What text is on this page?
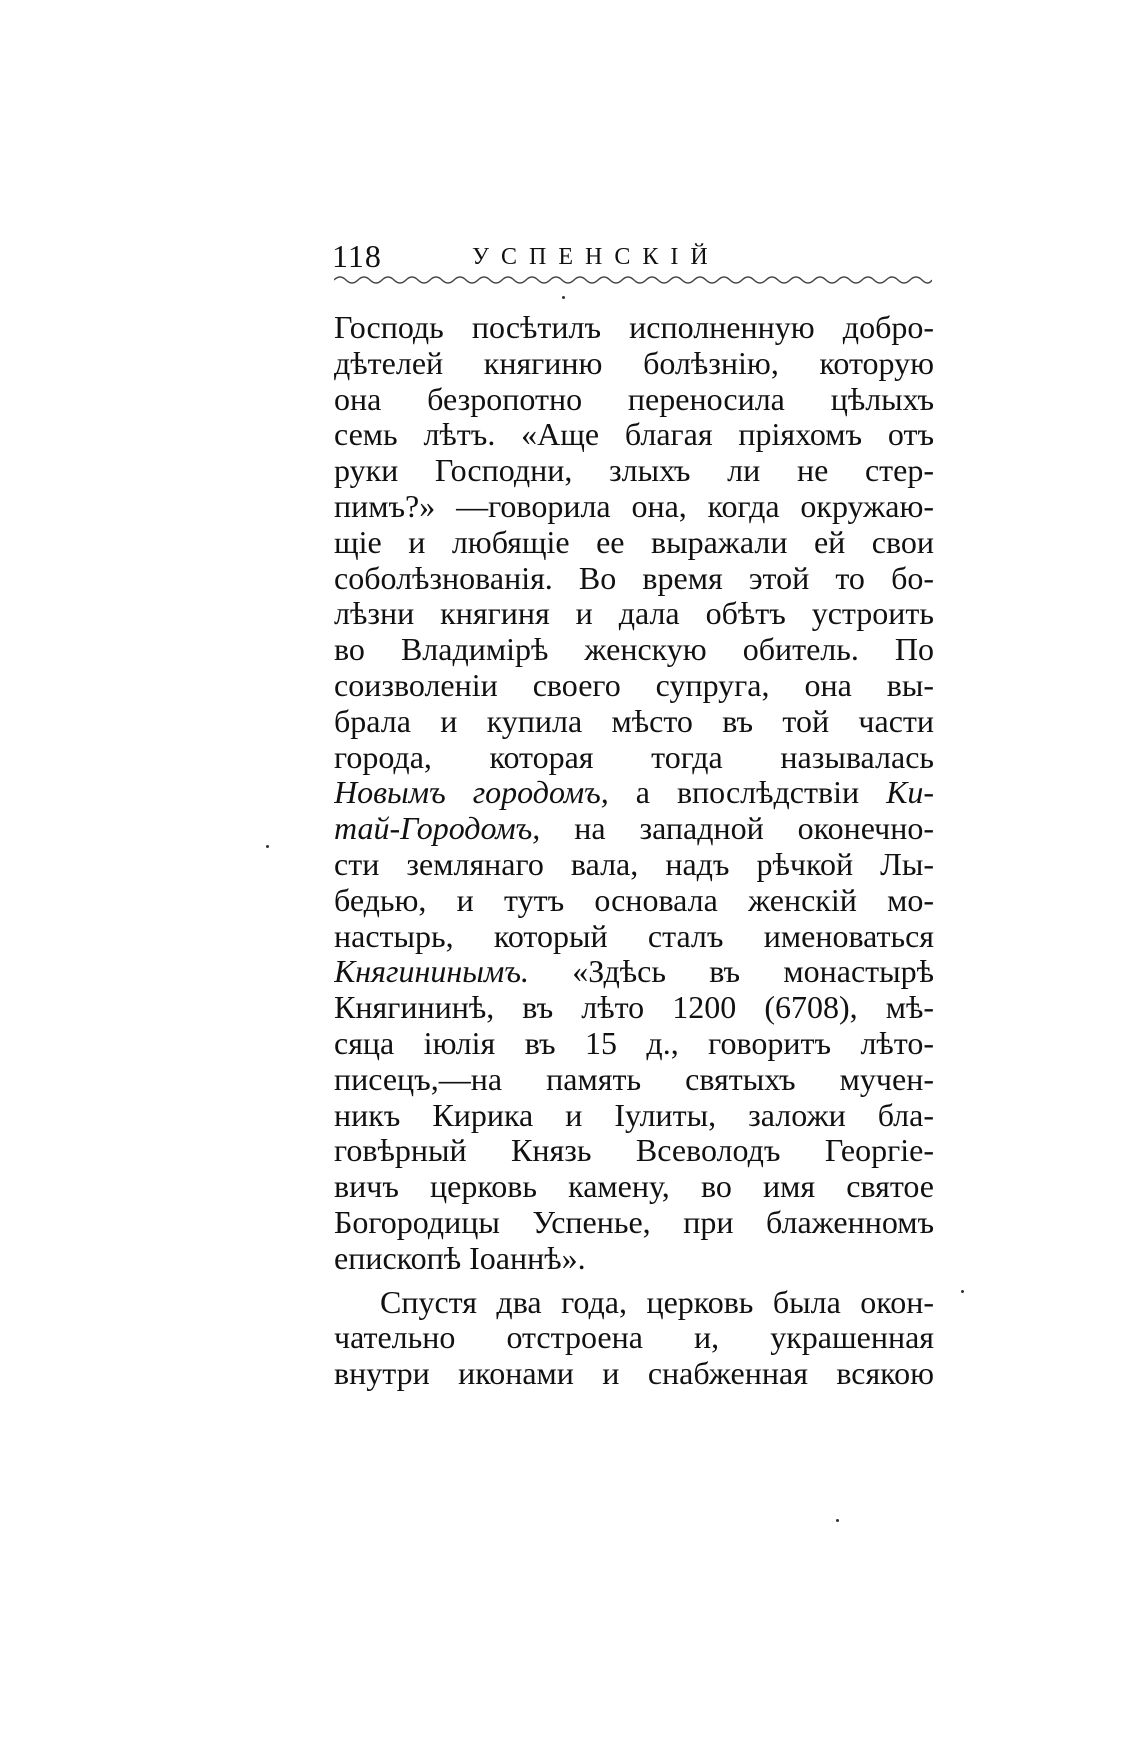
118	УСПЕНСКІЙ
Господь посѣтилъ исполненную добро-
дѣтелей княгиню болѣзнію, которую
она безропотно переносила цѣлыхъ
семь лѣтъ. «Аще благая пріяхомъ отъ
руки Господни, злыхъ ли не стер-
пимъ?» —говорила она, когда окружаю-
щіе и любящіе ее выражали ей свои
соболѣзнованія. Во время этой то бо-
лѣзни княгиня и дала обѣтъ устроить
во Владимірѣ женскую обитель. По
соизволеніи своего супруга, она вы-
брала и купила мѣсто въ той части
города, которая тогда называлась
Новымъ городомъ, а впослѣдствіи Ки-
тай-Городомъ, на западной оконечно-
сти землянаго вала, надъ рѣчкой Лы-
бедью, и тутъ основала женскій мо-
настырь, который сталъ именоваться
Княгининымъ. «Здѣсь въ монастырѣ
Княгининѣ, въ лѣто 1200 (6708), мѣ-
сяца іюлія въ 15 д., говоритъ лѣто-
писецъ,—на память святыхъ мучен-
никъ Кирика и Іулиты, заложи бла-
говѣрный Князь Всеволодъ Георгіе-
вичъ церковь камену, во имя святое
Богородицы Успенье, при блаженномъ
епископѣ Іоаннѣ».
Спустя два года, церковь была окон-
чательно отстроена и, украшенная
внутри иконами и снабженная всякою
